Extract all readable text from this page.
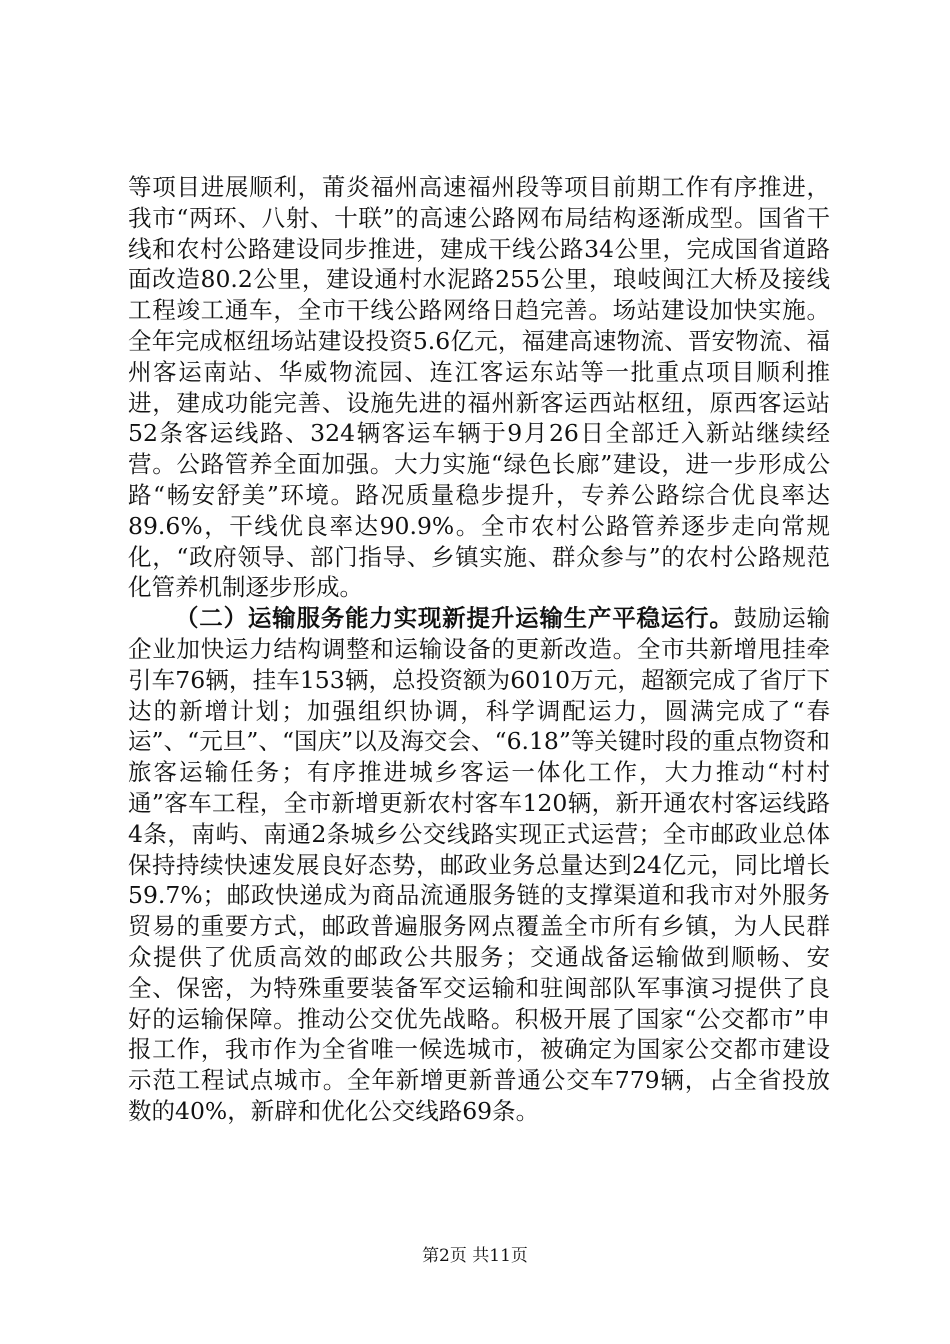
等项目进展顺利，莆炎福州高速福州段等项目前期工作有序推进，我市“两环、八射、十联”的高速公路网布局结构逐渐成型。国省干线和农村公路建设同步推进，建成干线公路34公里，完成国省道路面改造80.2公里，建设通村水泥路255公里，琅岐闽江大桥及接线工程竣工通车，全市干线公路网络日趋完善。场站建设加快实施。全年完成枢纽场站建设投资5.6亿元，福建高速物流、晋安物流、福州客运南站、华威物流园、连江客运东站等一批重点项目顺利推进，建成功能完善、设施先进的福州新客运西站枢纽，原西客运站52条客运线路、324辆客运车辆于9月26日全部迁入新站继续经营。公路管养全面加强。大力实施“绿色长廊”建设，进一步形成公路“畅安舒美”环境。路况质量稳步提升，专养公路综合优良率达89.6%，干线优良率达90.9%。全市农村公路管养逐步走向常规化，“政府领导、部门指导、乡镇实施、群众参与”的农村公路规范化管养机制逐步形成。

（二）运输服务能力实现新提升运输生产平稳运行。鼓励运输企业加快运力结构调整和运输设备的更新改造。全市共新增甩挂牵引车76辆，挂车153辆，总投资额为6010万元，超额完成了省厅下达的新增计划；加强组织协调，科学调配运力，圆满完成了“春运”、“元旦”、“国庆”以及海交会、“6.18”等关键时段的重点物资和旅客运输任务；有序推进城乡客运一体化工作，大力推动“村村通”客车工程，全市新增更新农村客车120辆，新开通农村客运线路4条，南屿、南通2条城乡公交线路实现正式运营；全市邮政业总体保持持续快速发展良好态势，邮政业务总量达到24亿元，同比增长59.7%；邮政快递成为商品流通服务链的支撑渠道和我市对外服务贸易的重要方式，邮政普遍服务网点覆盖全市所有乡镇，为人民群众提供了优质高效的邮政公共服务；交通战备运输做到顺畅、安全、保密，为特殊重要装备军交运输和驻闽部队军事演习提供了良好的运输保障。推动公交优先战略。积极开展了国家“公交都市”申报工作，我市作为全省唯一候选城市，被确定为国家公交都市建设示范工程试点城市。全年新增更新普通公交车779辆，占全省投放数的40%，新辟和优化公交线路69条。

第2页 共11页
